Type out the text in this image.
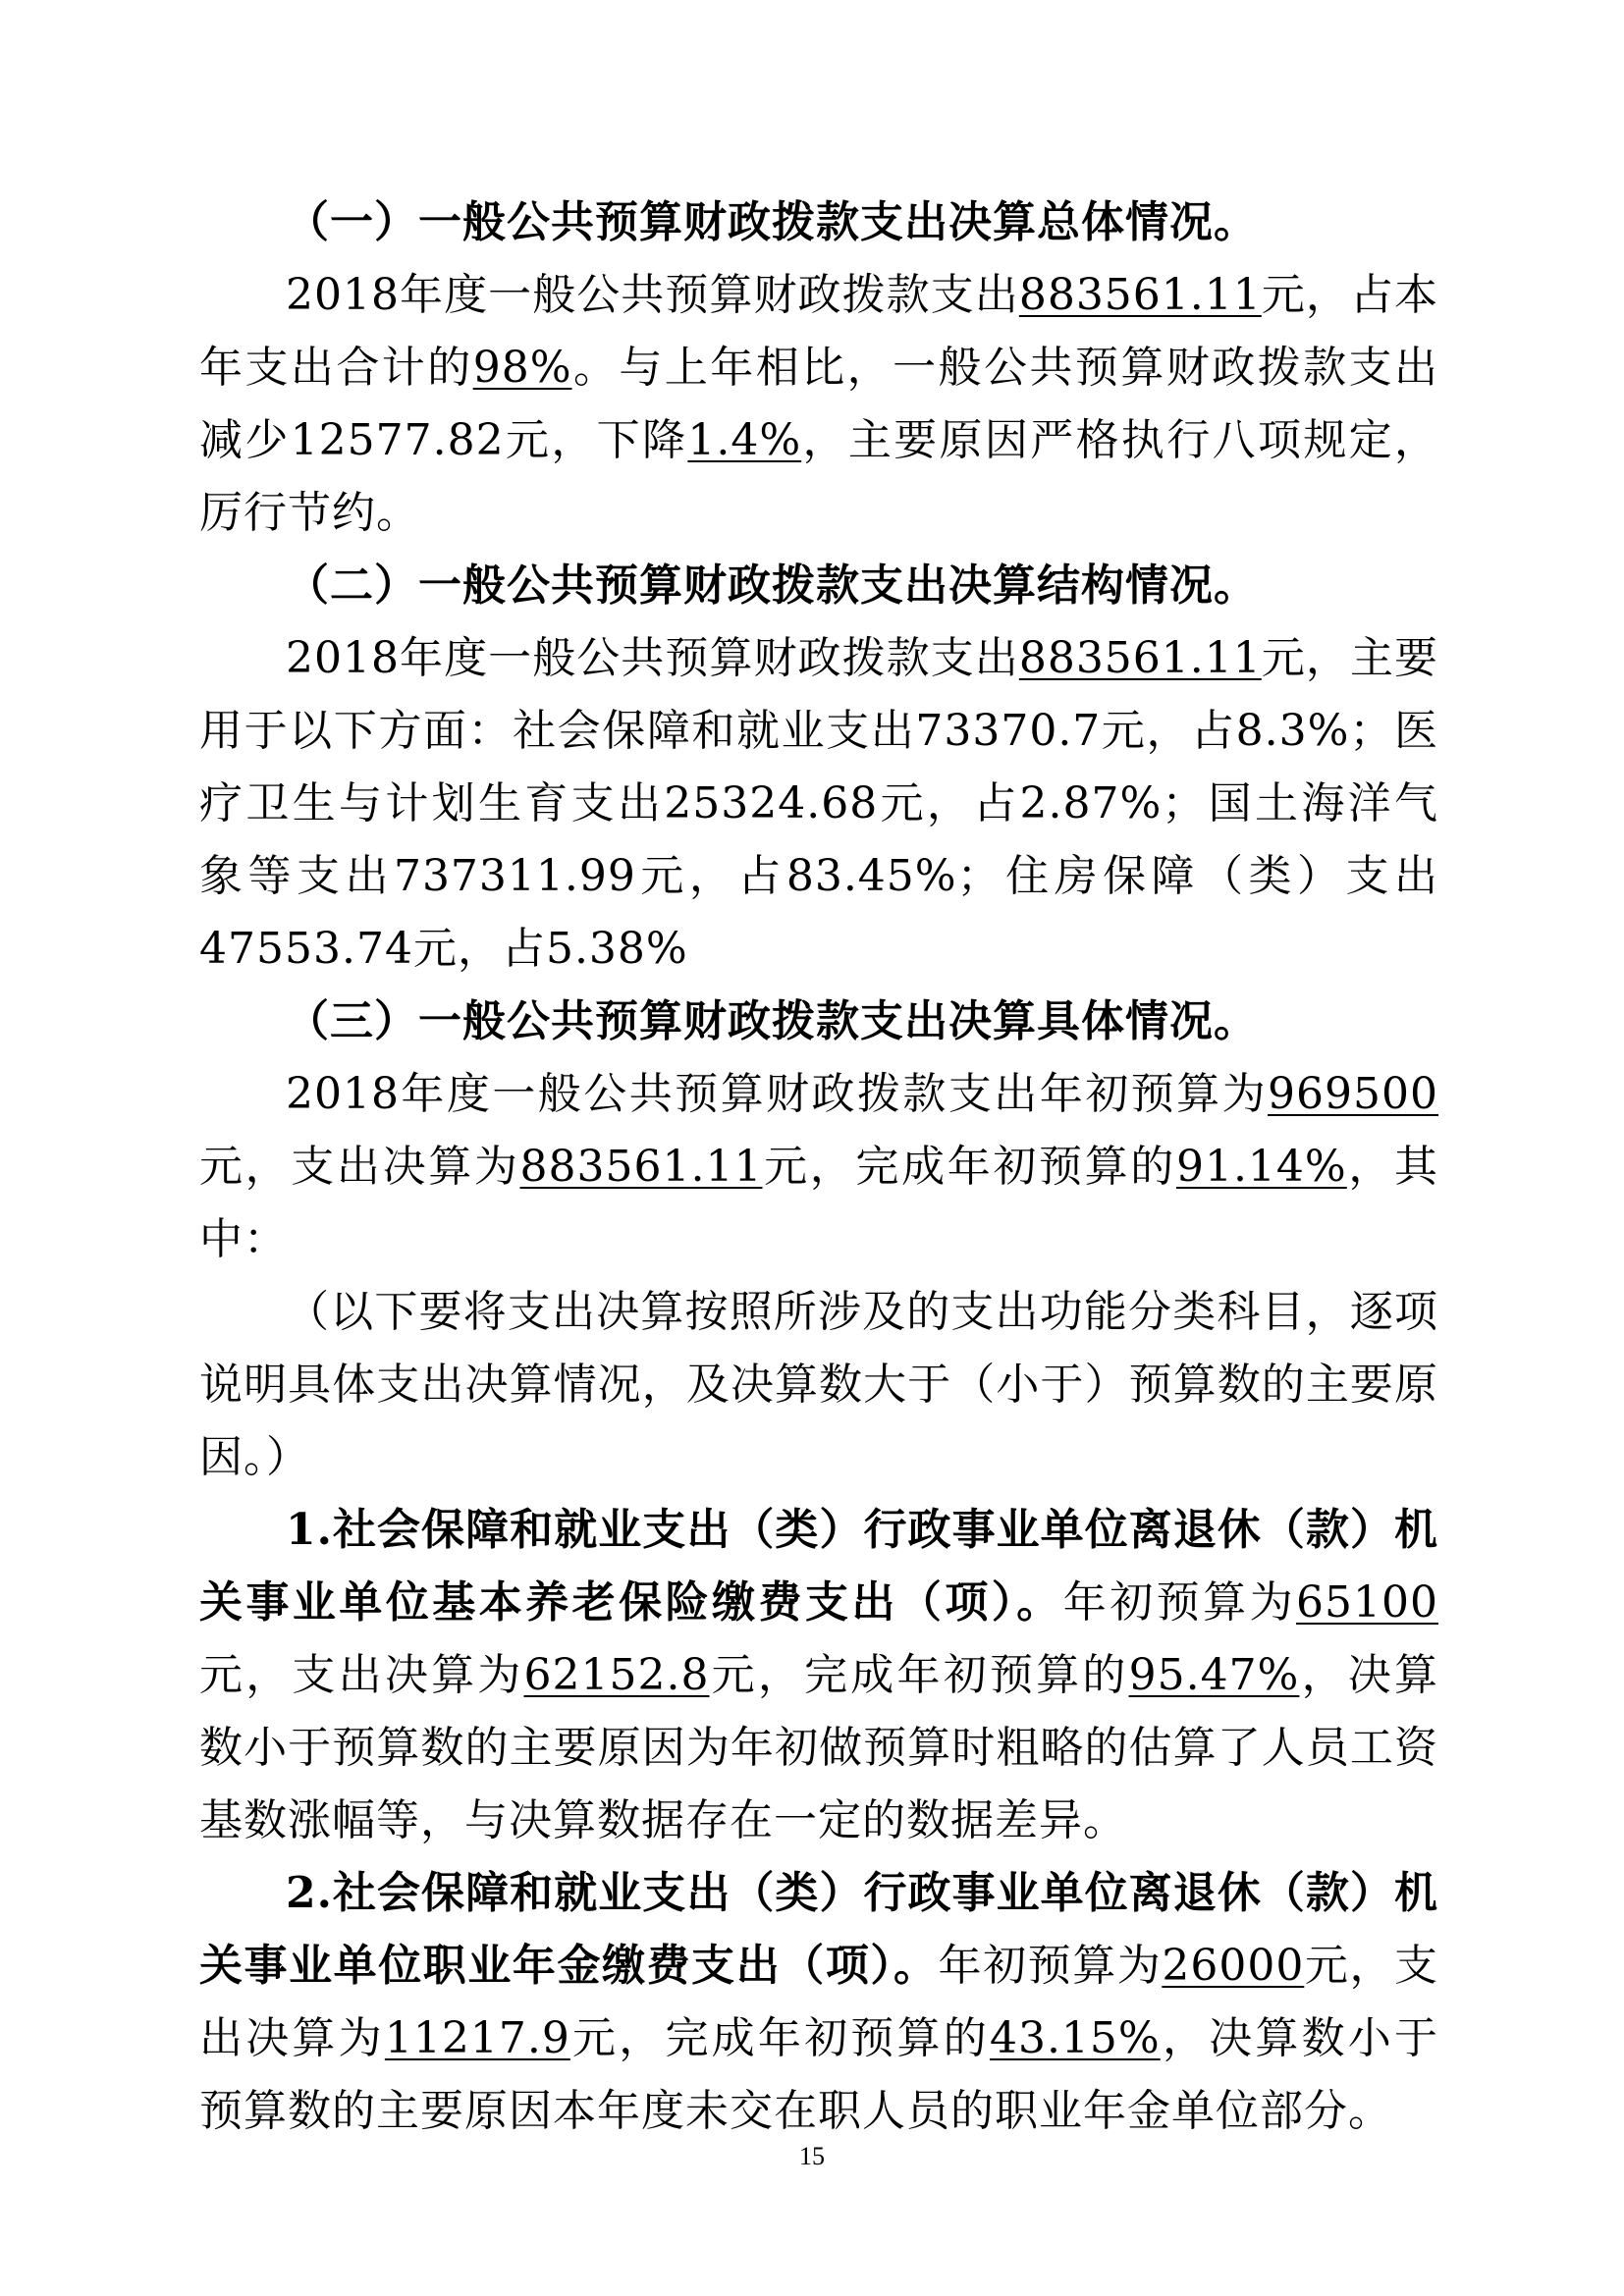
（一）一般公共预算财政拨款支出决算总体情况。

2018年度一般公共预算财政拨款支出883561.11元，占本年支出合计的98%。与上年相比，一般公共预算财政拨款支出减少12577.82元，下降1.4%，主要原因严格执行八项规定，厉行节约。

（二）一般公共预算财政拨款支出决算结构情况。

2018年度一般公共预算财政拨款支出883561.11元，主要用于以下方面：社会保障和就业支出73370.7元，占8.3%；医疗卫生与计划生育支出25324.68元，占2.87%；国土海洋气象等支出737311.99元，占83.45%；住房保障（类）支出47553.74元，占5.38%

（三）一般公共预算财政拨款支出决算具体情况。

2018年度一般公共预算财政拨款支出年初预算为969500元，支出决算为883561.11元，完成年初预算的91.14%，其中：

（以下要将支出决算按照所涉及的支出功能分类科目，逐项说明具体支出决算情况，及决算数大于（小于）预算数的主要原因。）

1.社会保障和就业支出（类）行政事业单位离退休（款）机关事业单位基本养老保险缴费支出（项）。年初预算为65100元，支出决算为62152.8元，完成年初预算的95.47%，决算数小于预算数的主要原因为年初做预算时粗略的估算了人员工资基数涨幅等，与决算数据存在一定的数据差异。

2.社会保障和就业支出（类）行政事业单位离退休（款）机关事业单位职业年金缴费支出（项）。年初预算为26000元，支出决算为11217.9元，完成年初预算的43.15%，决算数小于预算数的主要原因本年度未交在职人员的职业年金单位部分。

15
